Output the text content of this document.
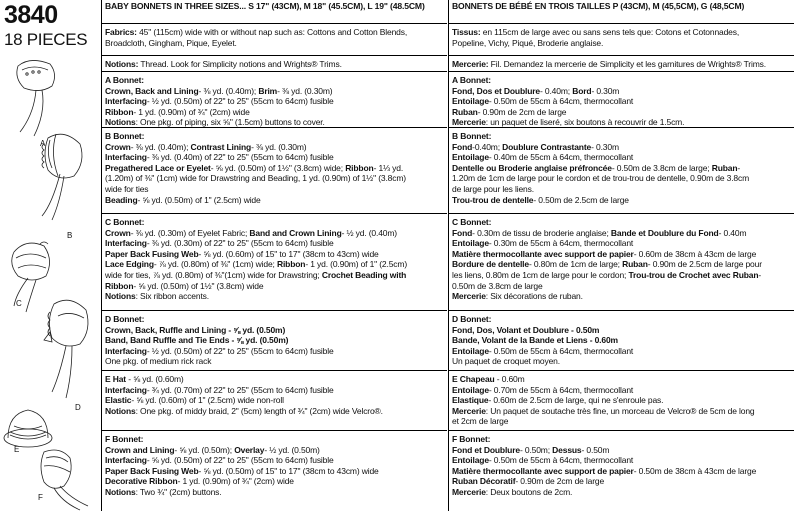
3840
18 PIECES
A
B
C
D
E
F
BABY BONNETS IN THREE SIZES... S 17" (43CM), M 18" (45.5CM), L 19" (48.5CM)
Fabrics: 45" (115cm) wide with or without nap such as: Cottons and Cotton Blends,
Broadcloth, Gingham, Pique, Eyelet.
Notions: Thread. Look for Simplicity notions and Wrights® Trims.
A Bonnet:
Crown, Back and Lining- ⅜ yd. (0.40m); Brim- ⅜ yd. (0.30m)
Interfacing- ½ yd. (0.50m) of 22" to 25" (55cm to 64cm) fusible
Ribbon- 1 yd. (0.90m) of ¾" (2cm) wide
Notions: One pkg. of piping, six ⅝" (1.5cm) buttons to cover.
B Bonnet:
Crown- ⅜ yd. (0.40m); Contrast Lining- ⅜ yd. (0.30m)
Interfacing- ⅜ yd. (0.40m) of 22" to 25" (55cm to 64cm) fusible
Pregathered Lace or Eyelet- ⅝ yd. (0.50m) of 1½" (3.8cm) wide; Ribbon- 1⅓ yd.
(1.20m) of ⅜" (1cm) wide for Drawstring and Beading, 1 yd. (0.90m) of 1½" (3.8cm)
wide for ties
Beading- ⅝ yd. (0.50m) of 1" (2.5cm) wide
C Bonnet:
Crown- ⅜ yd. (0.30m) of Eyelet Fabric; Band and Crown Lining- ½ yd. (0.40m)
Interfacing- ⅜ yd. (0.30m) of 22" to 25" (55cm to 64cm) fusible
Paper Back Fusing Web- ⅝ yd. (0.60m) of 15" to 17" (38cm to 43cm) wide
Lace Edging- ⅞ yd. (0.80m) of ⅜" (1cm) wide; Ribbon- 1 yd. (0.90m) of 1" (2.5cm)
wide for ties, ⅞ yd. (0.80m) of ⅜"(1cm) wide for Drawstring; Crochet Beading with
Ribbon- ⅝ yd. (0.50m) of 1½" (3.8cm) wide
Notions: Six ribbon accents.
D Bonnet:
Crown, Back, Ruffle and Lining - ⅝ yd. (0.50m)
Band, Band Ruffle and Tie Ends - ⅝ yd. (0.50m)
Interfacing- ½ yd. (0.50m) of 22" to 25" (55cm to 64cm) fusible
One pkg. of medium rick rack
E Hat - ⅝ yd. (0.60m)
Interfacing- ¾ yd. (0.70m) of 22" to 25" (55cm to 64cm) fusible
Elastic- ⅝ yd. (0.60m) of 1" (2.5cm) wide non-roll
Notions: One pkg. of middy braid, 2" (5cm) length of ¾" (2cm) wide Velcro®.
F Bonnet:
Crown and Lining- ⅝ yd. (0.50m); Overlay- ½ yd. (0.50m)
Interfacing- ⅝ yd. (0.50m) of 22" to 25" (55cm to 64cm) fusible
Paper Back Fusing Web- ⅝ yd. (0.50m) of 15" to 17" (38cm to 43cm) wide
Decorative Ribbon- 1 yd. (0.90m) of ¾" (2cm) wide
Notions: Two ¾" (2cm) buttons.
BONNETS DE BÉBÉ EN TROIS TAILLES P (43CM), M (45,5CM), G (48,5CM)
Tissus: en 115cm de large avec ou sans sens tels que: Cotons et Cotonnades,
Popeline, Vichy, Piqué, Broderie anglaise.
Mercerie: Fil. Demandez la mercerie de Simplicity et les garnitures de Wrights® Trims.
A Bonnet:
Fond, Dos et Doublure- 0.40m; Bord- 0.30m
Entoilage- 0.50m de 55cm à 64cm, thermocollant
Ruban- 0.90m de 2cm de large
Mercerie: un paquet de liseré, six boutons à recouvrir de 1.5cm.
B Bonnet:
Fond-0.40m; Doublure Contrastante- 0.30m
Entoilage- 0.40m de 55cm à 64cm, thermocollant
Dentelle ou Broderie anglaise préfroncée- 0.50m de 3.8cm de large; Ruban-
1.20m de 1cm de large pour le cordon et de trou-trou de dentelle, 0.90m de 3.8cm
de large pour les liens.
Trou-trou de dentelle- 0.50m de 2.5cm de large
C Bonnet:
Fond- 0.30m de tissu de broderie anglaise; Bande et Doublure du Fond- 0.40m
Entoilage- 0.30m de 55cm à 64cm, thermocollant
Matière thermocollante avec support de papier- 0.60m de 38cm à 43cm de large
Bordure de dentelle- 0.80m de 1cm de large; Ruban- 0.90m de 2.5cm de large pour
les liens, 0.80m de 1cm de large pour le cordon; Trou-trou de Crochet avec Ruban-
0.50m de 3.8cm de large
Mercerie: Six décorations de ruban.
D Bonnet:
Fond, Dos, Volant et Doublure - 0.50m
Bande, Volant de la Bande et Liens - 0.60m
Entoilage- 0.50m de 55cm à 64cm, thermocollant
Un paquet de croquet moyen.
E Chapeau - 0.60m
Entoilage- 0.70m de 55cm à 64cm, thermocollant
Elastique- 0.60m de 2.5cm de large, qui ne s'enroule pas.
Mercerie: Un paquet de soutache très fine, un morceau de Velcro® de 5cm de long
et 2cm de large
F Bonnet:
Fond et Doublure- 0.50m; Dessus- 0.50m
Entoilage- 0.50m de 55cm à 64cm, thermocollant
Matière thermocollante avec support de papier- 0.50m de 38cm à 43cm de large
Ruban Décoratif- 0.90m de 2cm de large
Mercerie: Deux boutons de 2cm.
